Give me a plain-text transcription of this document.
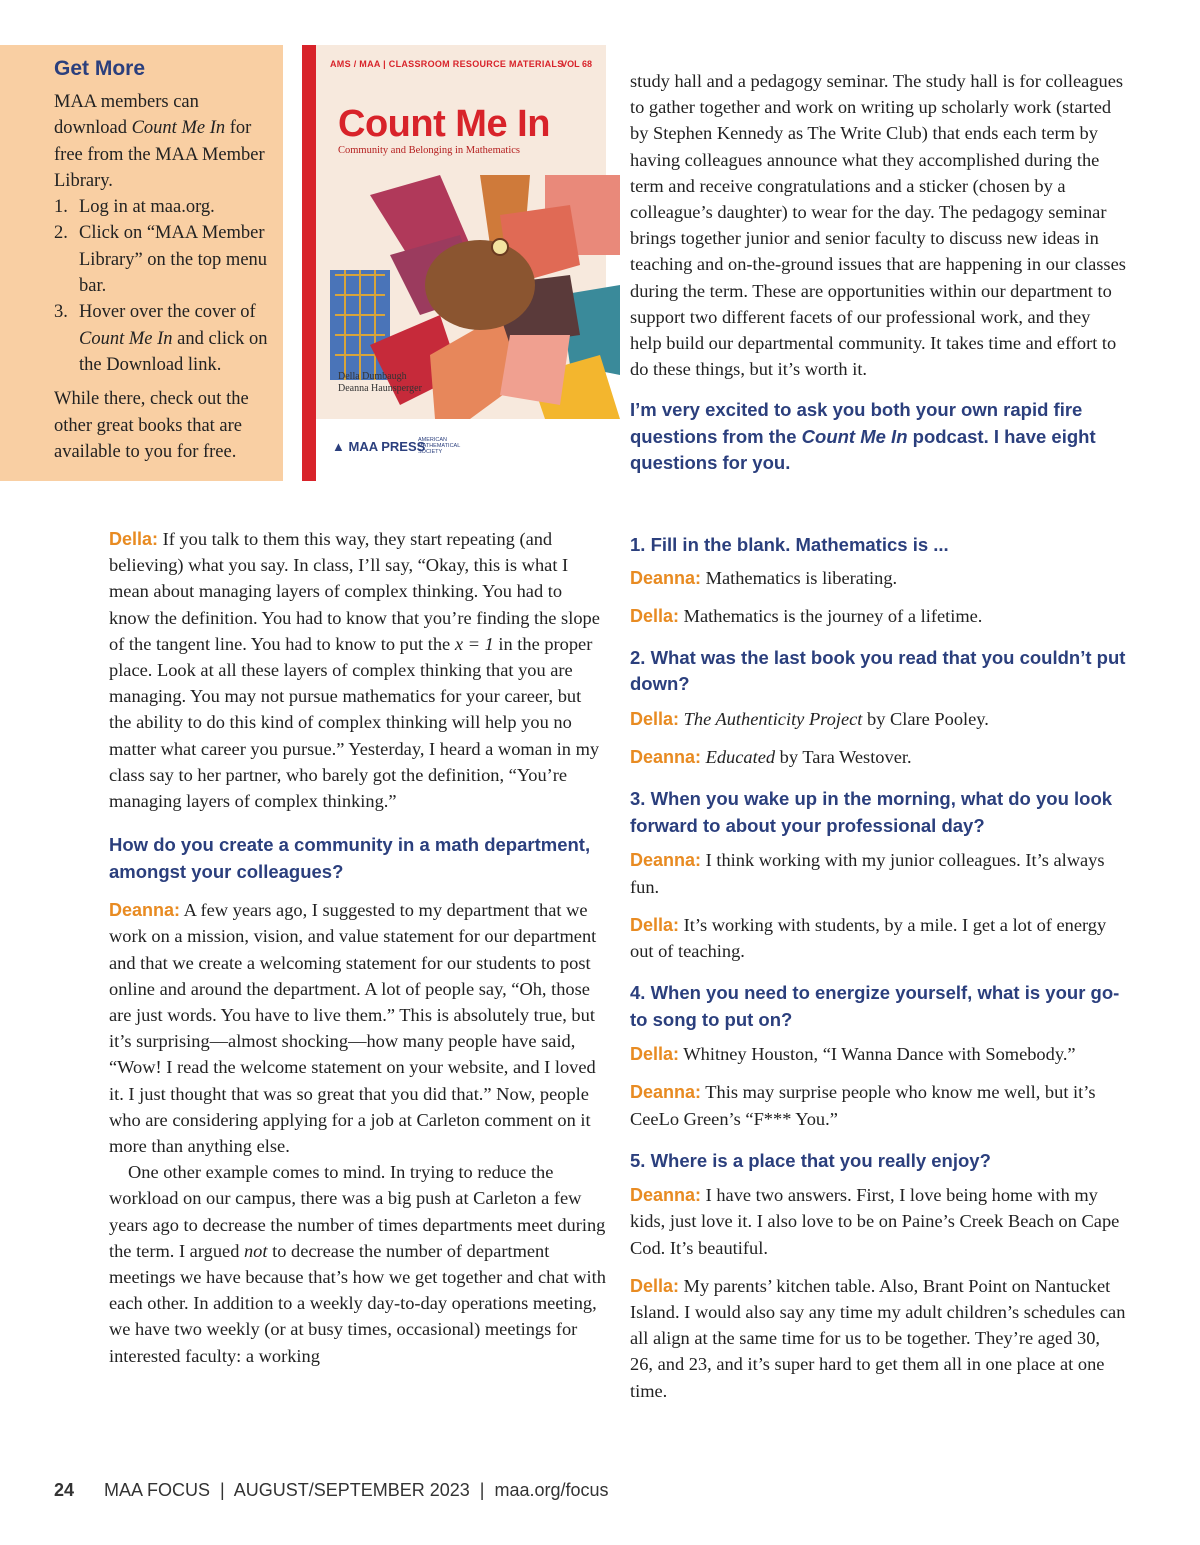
Get More

MAA members can download Count Me In for free from the MAA Member Library.

1. Log in at maa.org.
2. Click on “MAA Member Library” on the top menu bar.
3. Hover over the cover of Count Me In and click on the Download link.

While there, check out the other great books that are available to you for free.

AMS / MAA | CLASSROOM RESOURCE MATERIALS
VOL 68
Count Me In
Community and Belonging in Mathematics
Della Dumbaugh
Deanna Haunsperger
▲ MAA PRESS
AMERICAN MATHEMATICAL SOCIETY

study hall and a pedagogy seminar. The study hall is for colleagues to gather together and work on writing up scholarly work (started by Stephen Kennedy as The Write Club) that ends each term by having colleagues announce what they accomplished during the term and receive congratulations and a sticker (chosen by a colleague’s daughter) to wear for the day. The pedagogy seminar brings together junior and senior faculty to discuss new ideas in teaching and on-the-ground issues that are happening in our classes during the term. These are opportunities within our department to support two different facets of our professional work, and they help build our departmental community. It takes time and effort to do these things, but it’s worth it.

I’m very excited to ask you both your own rapid fire questions from the Count Me In podcast. I have eight questions for you.

Della: If you talk to them this way, they start repeating (and believing) what you say. In class, I’ll say, “Okay, this is what I mean about managing layers of complex thinking. You had to know the definition. You had to know that you’re finding the slope of the tangent line. You had to know to put the x = 1 in the proper place. Look at all these layers of complex thinking that you are managing. You may not pursue mathematics for your career, but the ability to do this kind of complex thinking will help you no matter what career you pursue.” Yesterday, I heard a woman in my class say to her partner, who barely got the definition, “You’re managing layers of complex thinking.”

How do you create a community in a math department, amongst your colleagues?

Deanna: A few years ago, I suggested to my department that we work on a mission, vision, and value statement for our department and that we create a welcoming statement for our students to post online and around the department. A lot of people say, “Oh, those are just words. You have to live them.” This is absolutely true, but it’s surprising—almost shocking—how many people have said, “Wow! I read the welcome statement on your website, and I loved it. I just thought that was so great that you did that.” Now, people who are considering applying for a job at Carleton comment on it more than anything else.

One other example comes to mind. In trying to reduce the workload on our campus, there was a big push at Carleton a few years ago to decrease the number of times departments meet during the term. I argued not to decrease the number of department meetings we have because that’s how we get together and chat with each other. In addition to a weekly day-to-day operations meeting, we have two weekly (or at busy times, occasional) meetings for interested faculty: a working

1. Fill in the blank. Mathematics is ...

Deanna: Mathematics is liberating.

Della: Mathematics is the journey of a lifetime.

2. What was the last book you read that you couldn’t put down?

Della: The Authenticity Project by Clare Pooley.

Deanna: Educated by Tara Westover.

3. When you wake up in the morning, what do you look forward to about your professional day?

Deanna: I think working with my junior colleagues. It’s always fun.

Della: It’s working with students, by a mile. I get a lot of energy out of teaching.

4. When you need to energize yourself, what is your go-to song to put on?

Della: Whitney Houston, “I Wanna Dance with Somebody.”

Deanna: This may surprise people who know me well, but it’s CeeLo Green’s “F*** You.”

5. Where is a place that you really enjoy?

Deanna: I have two answers. First, I love being home with my kids, just love it. I also love to be on Paine’s Creek Beach on Cape Cod. It’s beautiful.

Della: My parents’ kitchen table. Also, Brant Point on Nantucket Island. I would also say any time my adult children’s schedules can all align at the same time for us to be together. They’re aged 30, 26, and 23, and it’s super hard to get them all in one place at one time.

24 MAA FOCUS  |  AUGUST/SEPTEMBER 2023  |  maa.org/focus
